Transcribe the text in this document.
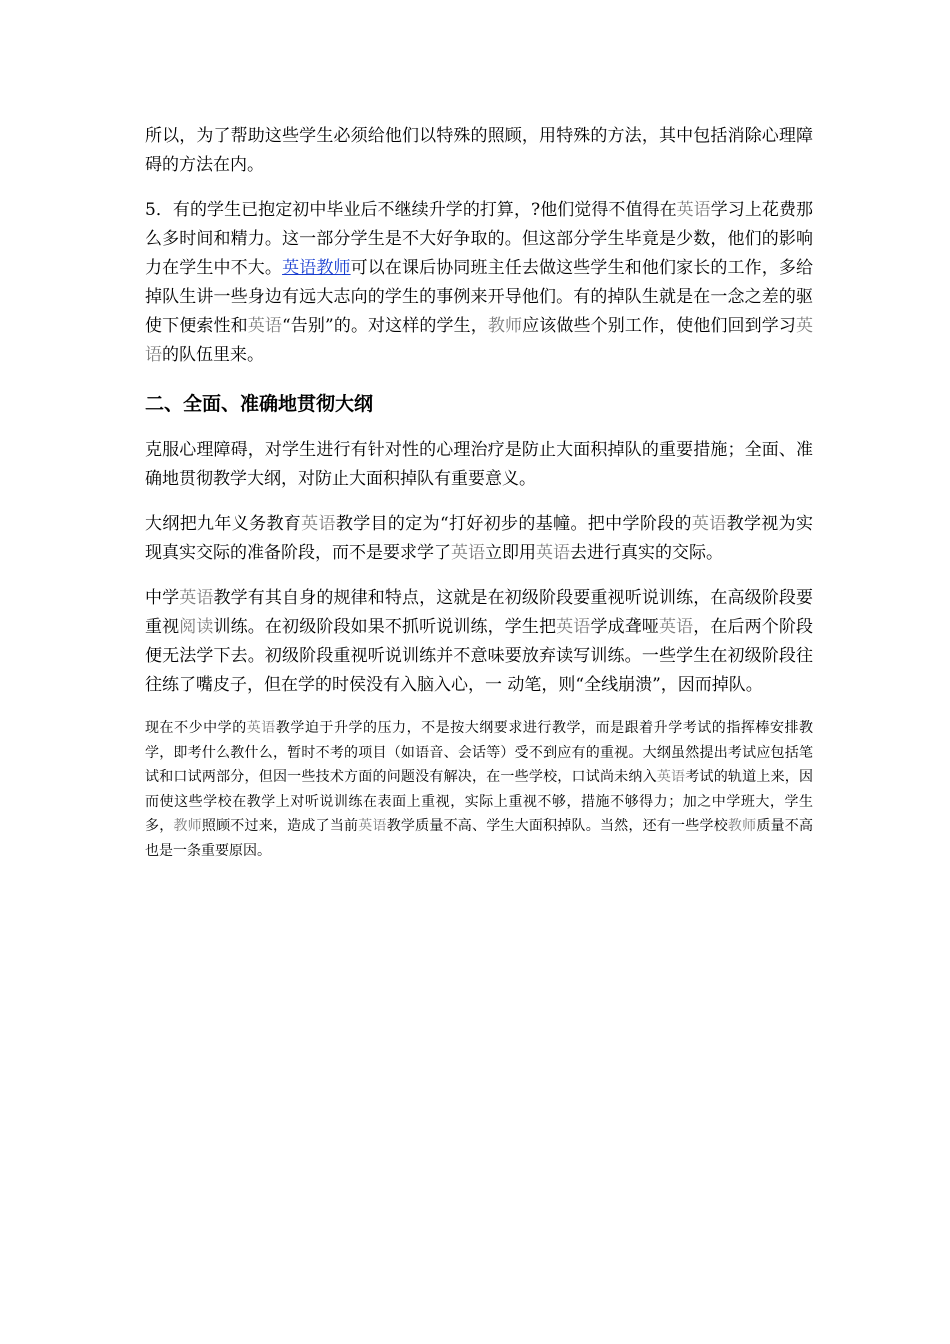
所以，为了帮助这些学生必须给他们以特殊的照顾，用特殊的方法，其中包括消除心理障碍的方法在内。

5．有的学生已抱定初中毕业后不继续升学的打算，?他们觉得不值得在英语学习上花费那么多时间和精力。这一部分学生是不大好争取的。但这部分学生毕竟是少数，他们的影响力在学生中不大。英语教师可以在课后协同班主任去做这些学生和他们家长的工作，多给掉队生讲一些身边有远大志向的学生的事例来开导他们。有的掉队生就是在一念之差的驱使下便索性和英语“告别”的。对这样的学生，教师应该做些个别工作，使他们回到学习英语的队伍里来。

二、全面、准确地贯彻大纲

克服心理障碍，对学生进行有针对性的心理治疗是防止大面积掉队的重要措施；全面、准确地贯彻教学大纲，对防止大面积掉队有重要意义。

大纲把九年义务教育英语教学目的定为“打好初步的基幢。把中学阶段的英语教学视为实现真实交际的准备阶段，而不是要求学了英语立即用英语去进行真实的交际。

中学英语教学有其自身的规律和特点，这就是在初级阶段要重视听说训练，在高级阶段要重视阅读训练。在初级阶段如果不抓听说训练，学生把英语学成聋哑英语，在后两个阶段便无法学下去。初级阶段重视听说训练并不意味要放弃读写训练。一些学生在初级阶段往往练了嘴皮子，但在学的时侯没有入脑入心，一 动笔，则“全线崩溃”，因而掉队。

现在不少中学的英语教学迫于升学的压力，不是按大纲要求进行教学，而是跟着升学考试的指挥棒安排教学，即考什么教什么，暂时不考的项目（如语音、会话等）受不到应有的重视。大纲虽然提出考试应包括笔试和口试两部分，但因一些技术方面的问题没有解决，在一些学校，口试尚未纳入英语考试的轨道上来，因而使这些学校在教学上对听说训练在表面上重视，实际上重视不够，措施不够得力；加之中学班大，学生多，教师照顾不过来，造成了当前英语教学质量不高、学生大面积掉队。当然，还有一些学校教师质量不高也是一条重要原因。
